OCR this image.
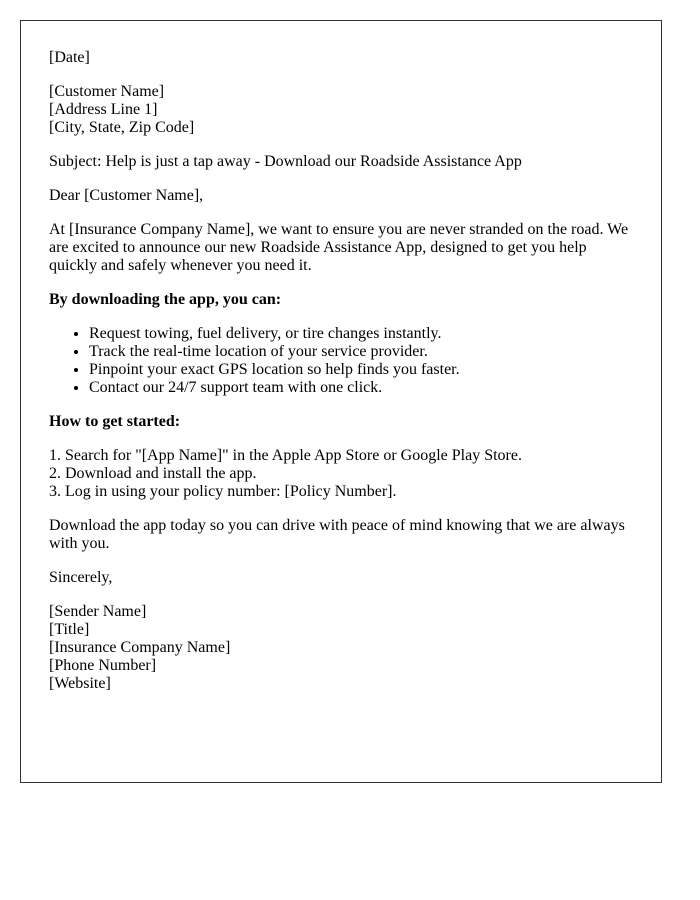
[Date]

[Customer Name]
[Address Line 1]
[City, State, Zip Code]

Subject: Help is just a tap away - Download our Roadside Assistance App

Dear [Customer Name],

At [Insurance Company Name], we want to ensure you are never stranded on the road. We are excited to announce our new Roadside Assistance App, designed to get you help quickly and safely whenever you need it.

By downloading the app, you can:

• Request towing, fuel delivery, or tire changes instantly.
• Track the real-time location of your service provider.
• Pinpoint your exact GPS location so help finds you faster.
• Contact our 24/7 support team with one click.

How to get started:

1. Search for "[App Name]" in the Apple App Store or Google Play Store.
2. Download and install the app.
3. Log in using your policy number: [Policy Number].

Download the app today so you can drive with peace of mind knowing that we are always with you.

Sincerely,

[Sender Name]
[Title]
[Insurance Company Name]
[Phone Number]
[Website]
